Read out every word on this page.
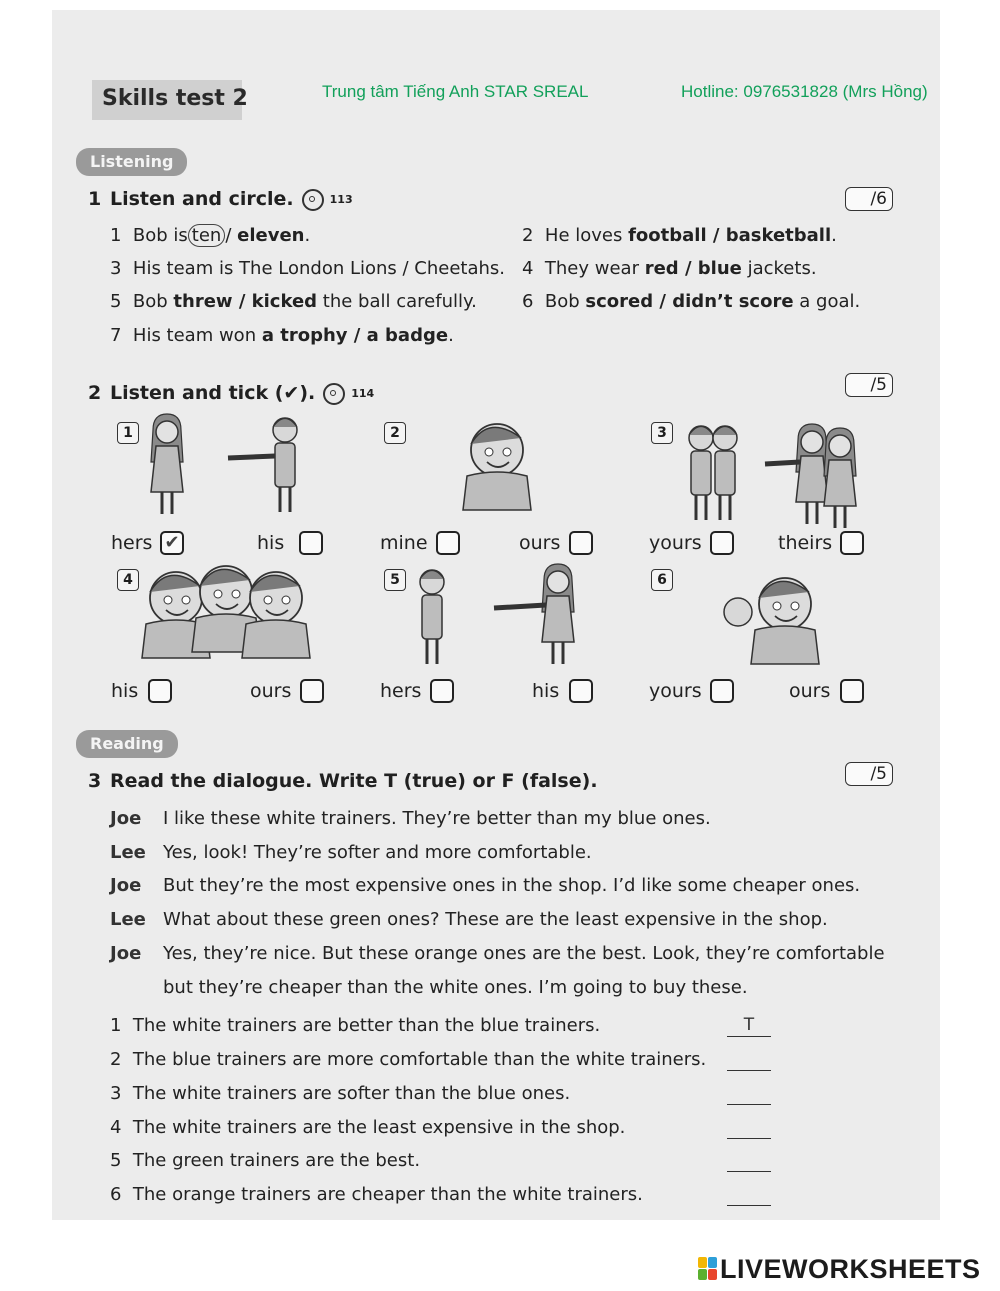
Skills test 2	Trung tâm Tiếng Anh STAR SREAL	Hotline: 0976531828 (Mrs Hồng)
Listening
1 Listen and circle.	113	/6
1 Bob is ten / eleven.	2 He loves football / basketball.
3 His team is The London Lions / Cheetahs. 4 They wear red / blue jackets.
5 Bob threw / kicked the ball carefully.	6 Bob scored / didn’t score a goal.
7 His team won a trophy / a badge.
2 Listen and tick (✔).	114	/5
1	2	3
4	5	6
hers ✔	his	mine	ours	yours	theirs
his	ours	hers	his	yours	ours
Reading
3 Read the dialogue. Write T (true) or F (false).	/5
Joe I like these white trainers. They’re better than my blue ones.
Lee Yes, look! They’re softer and more comfortable.
Joe But they’re the most expensive ones in the shop. I’d like some cheaper ones.
Lee What about these green ones? These are the least expensive in the shop.
Joe Yes, they’re nice. But these orange ones are the best. Look, they’re comfortable
but they’re cheaper than the white ones. I’m going to buy these.
1 The white trainers are better than the blue trainers.	T
2 The blue trainers are more comfortable than the white trainers.
3 The white trainers are softer than the blue ones.
4 The white trainers are the least expensive in the shop.
5 The green trainers are the best.
6 The orange trainers are cheaper than the white trainers.
LIVEWORKSHEETS
